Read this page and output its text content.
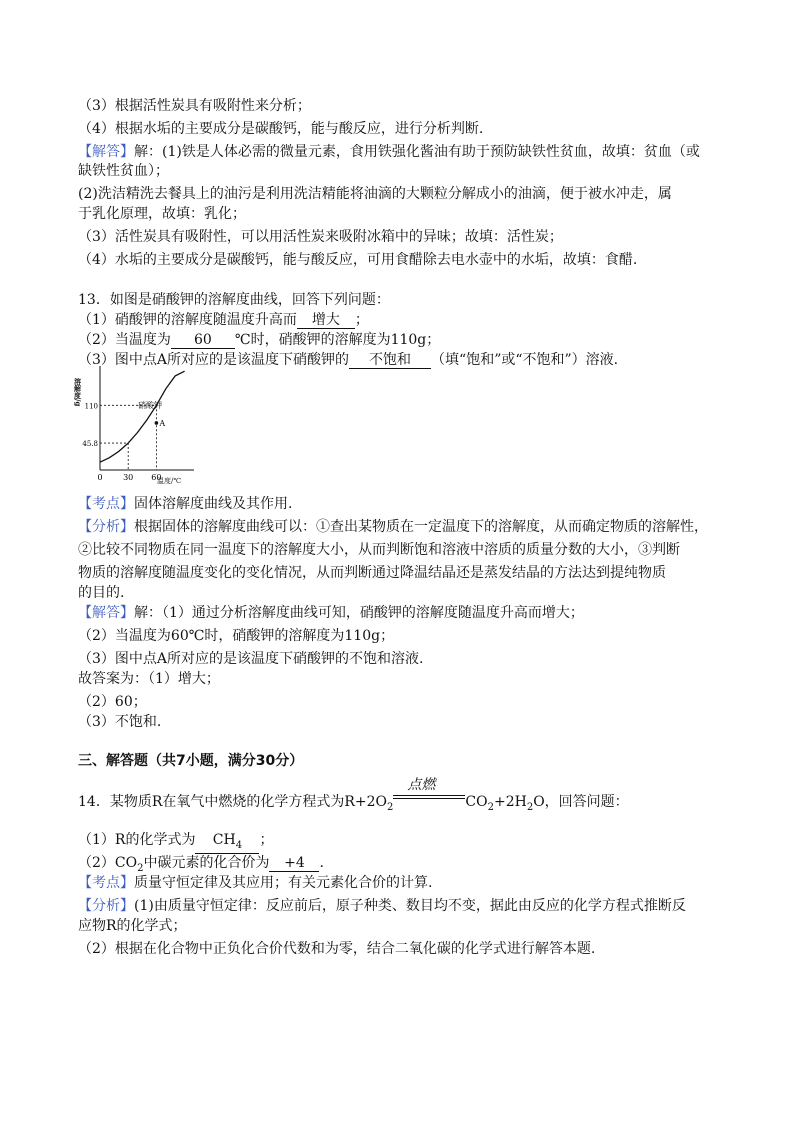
（3）根据活性炭具有吸附性来分析；
（4）根据水垢的主要成分是碳酸钙，能与酸反应，进行分析判断.
【解答】解：(1)铁是人体必需的微量元素，食用铁强化酱油有助于预防缺铁性贫血，故填：贫血（或
缺铁性贫血）；
(2)洗洁精洗去餐具上的油污是利用洗洁精能将油滴的大颗粒分解成小的油滴，便于被水冲走，属
于乳化原理，故填：乳化；
（3）活性炭具有吸附性，可以用活性炭来吸附冰箱中的异味；故填：活性炭；
（4）水垢的主要成分是碳酸钙，能与酸反应，可用食醋除去电水壶中的水垢，故填：食醋.
13．如图是硝酸钾的溶解度曲线，回答下列问题：
（1）硝酸钾的溶解度随温度升高而 增大 ；
（2）当温度为 60 ℃时，硝酸钾的溶解度为110g；
（3）图中点A所对应的是该温度下硝酸钾的 不饱和 （填“饱和”或“不饱和”）溶液.
溶解度/g
温度/℃
硝酸钾
0	30 60
45.8
110
A
【考点】固体溶解度曲线及其作用.
【分析】根据固体的溶解度曲线可以：①查出某物质在一定温度下的溶解度，从而确定物质的溶解性，
②比较不同物质在同一温度下的溶解度大小，从而判断饱和溶液中溶质的质量分数的大小，③判断
物质的溶解度随温度变化的变化情况，从而判断通过降温结晶还是蒸发结晶的方法达到提纯物质
的目的.
【解答】解：（1）通过分析溶解度曲线可知，硝酸钾的溶解度随温度升高而增大；
（2）当温度为60℃时，硝酸钾的溶解度为110g；
（3）图中点A所对应的是该温度下硝酸钾的不饱和溶液.
故答案为：（1）增大；
（2）60；
（3）不饱和.
三、解答题（共7小题，满分30分）
14．某物质R在氧气中燃烧的化学方程式为$R+2O_2$
点燃
$CO_2+2H_2O$，回答问题：
（1）R的化学式为 $CH_4$ ；
$(2)CO_2$中碳元素的化合价为 +4 .
【考点】质量守恒定律及其应用；有关元素化合价的计算.
【分析】(1)由质量守恒定律：反应前后，原子种类、数目均不变，据此由反应的化学方程式推断反
应物R的化学式；
（2）根据在化合物中正负化合价代数和为零，结合二氧化碳的化学式进行解答本题.
